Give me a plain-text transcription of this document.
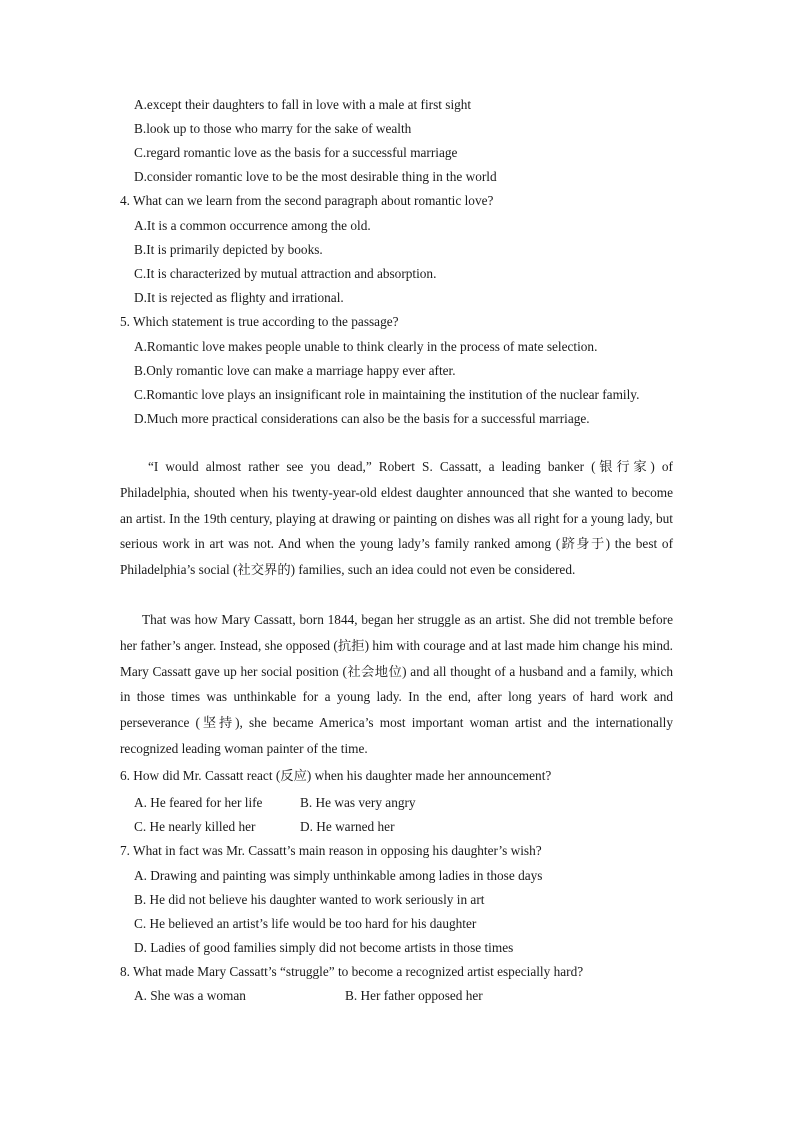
A.except their daughters to fall in love with a male at first sight
B.look up to those who marry for the sake of wealth
C.regard romantic love as the basis for a successful marriage
D.consider romantic love to be the most desirable thing in the world
4. What can we learn from the second paragraph about romantic love?
A.It is a common occurrence among the old.
B.It is primarily depicted by books.
C.It is characterized by mutual attraction and absorption.
D.It is rejected as flighty and irrational.
5. Which statement is true according to the passage?
A.Romantic love makes people unable to think clearly in the process of mate selection.
B.Only romantic love can make a marriage happy ever after.
C.Romantic love plays an insignificant role in maintaining the institution of the nuclear family.
D.Much more practical considerations can also be the basis for a successful marriage.
“I would almost rather see you dead,” Robert S. Cassatt, a leading banker (银行家) of Philadelphia, shouted when his twenty-year-old eldest daughter announced that she wanted to become an artist. In the 19th century, playing at drawing or painting on dishes was all right for a young lady, but serious work in art was not. And when the young lady’s family ranked among (跻身于) the best of Philadelphia’s social (社交界的) families, such an idea could not even be considered.
That was how Mary Cassatt, born 1844, began her struggle as an artist. She did not tremble before her father’s anger. Instead, she opposed (抗拒) him with courage and at last made him change his mind. Mary Cassatt gave up her social position (社会地位) and all thought of a husband and a family, which in those times was unthinkable for a young lady. In the end, after long years of hard work and perseverance (坚持), she became America’s most important woman artist and the internationally recognized leading woman painter of the time.
6. How did Mr. Cassatt react (反应) when his daughter made her announcement?
A. He feared for her life	B. He was very angry
C. He nearly killed her	D. He warned her
7. What in fact was Mr. Cassatt’s main reason in opposing his daughter’s wish?
A. Drawing and painting was simply unthinkable among ladies in those days
B. He did not believe his daughter wanted to work seriously in art
C. He believed an artist’s life would be too hard for his daughter
D. Ladies of good families simply did not become artists in those times
8. What made Mary Cassatt’s “struggle” to become a recognized artist especially hard?
A. She was a woman	B. Her father opposed her
